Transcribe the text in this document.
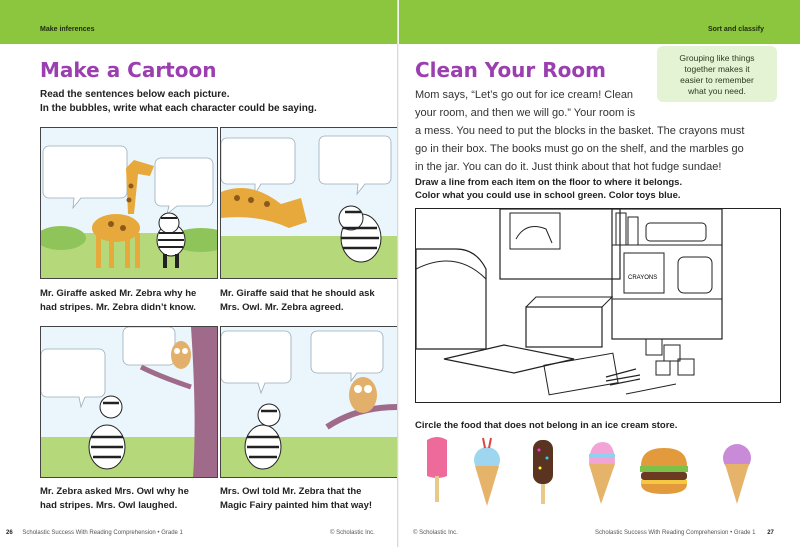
Make inferences
Make a Cartoon
Read the sentences below each picture.
In the bubbles, write what each character could be saying.
Mr. Giraffe asked Mr. Zebra why he
had stripes. Mr. Zebra didn’t know.
Mr. Giraffe said that he should ask
Mrs. Owl. Mr. Zebra agreed.
Mr. Zebra asked Mrs. Owl why he
had stripes. Mrs. Owl laughed.
Mrs. Owl told Mr. Zebra that the
Magic Fairy painted him that way!
26 Scholastic Success With Reading Comprehension • Grade 1	© Scholastic Inc.
Sort and classify
Grouping like things
together makes it
easier to remember
what you need.
Clean Your Room
Mom says, “Let’s go out for ice cream! Clean
your room, and then we will go.” Your room is
a mess. You need to put the blocks in the basket. The crayons must
go in their box. The books must go on the shelf, and the marbles go
in the jar. You can do it. Just think about that hot fudge sundae!
Draw a line from each item on the floor to where it belongs.
Color what you could use in school green. Color toys blue.
CRAYONS
Circle the food that does not belong in an ice cream store.
© Scholastic Inc.	Scholastic Success With Reading Comprehension • Grade 1 27
